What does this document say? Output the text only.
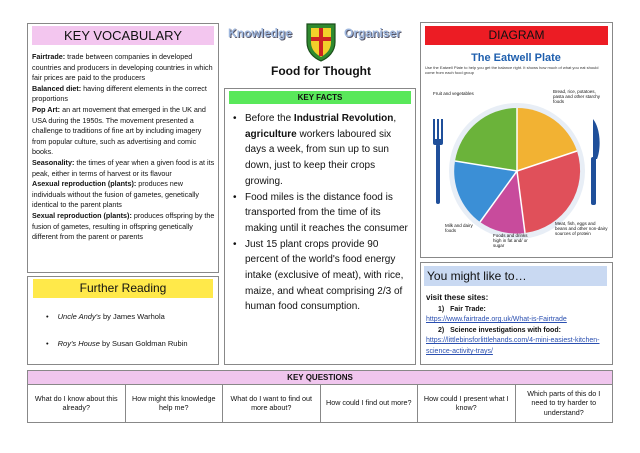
Fairtrade: trade between companies in developed countries and producers in developing countries in which fair prices are paid to the producers
Balanced diet: having different elements in the correct proportions
Pop Art: an art movement that emerged in the UK and USA during the 1950s. The movement presented a challenge to traditions of fine art by including imagery from popular culture, such as advertising and comic books.
Seasonality: the times of year when a given food is at its peak, either in terms of harvest or its flavour
Asexual reproduction (plants): produces new individuals without the fusion of gametes, genetically identical to the parent plants
Sexual reproduction (plants): produces offspring by the fusion of gametes, resulting in offspring genetically different from the parent or parents
KEY VOCABULARY
• Uncle Andy's by James Warhola
• Roy's House by Susan Goldman Rubin
Further Reading
Knowledge	Organiser
Food for Thought
• Before the Industrial Revolution, agriculture workers laboured six days a week, from sun up to sun down, just to keep their crops growing.
• Food miles is the distance food is transported from the time of its making until it reaches the consumer
• Just 15 plant crops provide 90 percent of the world's food energy intake (exclusive of meat), with rice, maize, and wheat comprising 2/3 of human food consumption.
KEY FACTS
The Eatwell Plate
Use the Eatwell Plate to help you get the balance right. It shows how much of what you eat should come from each food group
Fruit and vegetables	Bread, rice, potatoes, pasta and other starchy foods
Milk and dairy foods
Foods and drinks high in fat and/ or sugar
Meat, fish, eggs and beans and other non-dairy sources of protein
DIAGRAM
visit these sites:
1) Fair Trade:
https://www.fairtrade.org.uk/What-is-Fairtrade
2) Science investigations with food:
https://littlebinsforlittlehands.com/4-mini-easiest-kitchen-science-activity-trays/
You might like to…
KEY QUESTIONS
What do I know about this already?
How might this knowledge help me?
What do I want to find out more about?
How could I find out more?
How could I present what I know?
Which parts of this do I need to try harder to understand?
